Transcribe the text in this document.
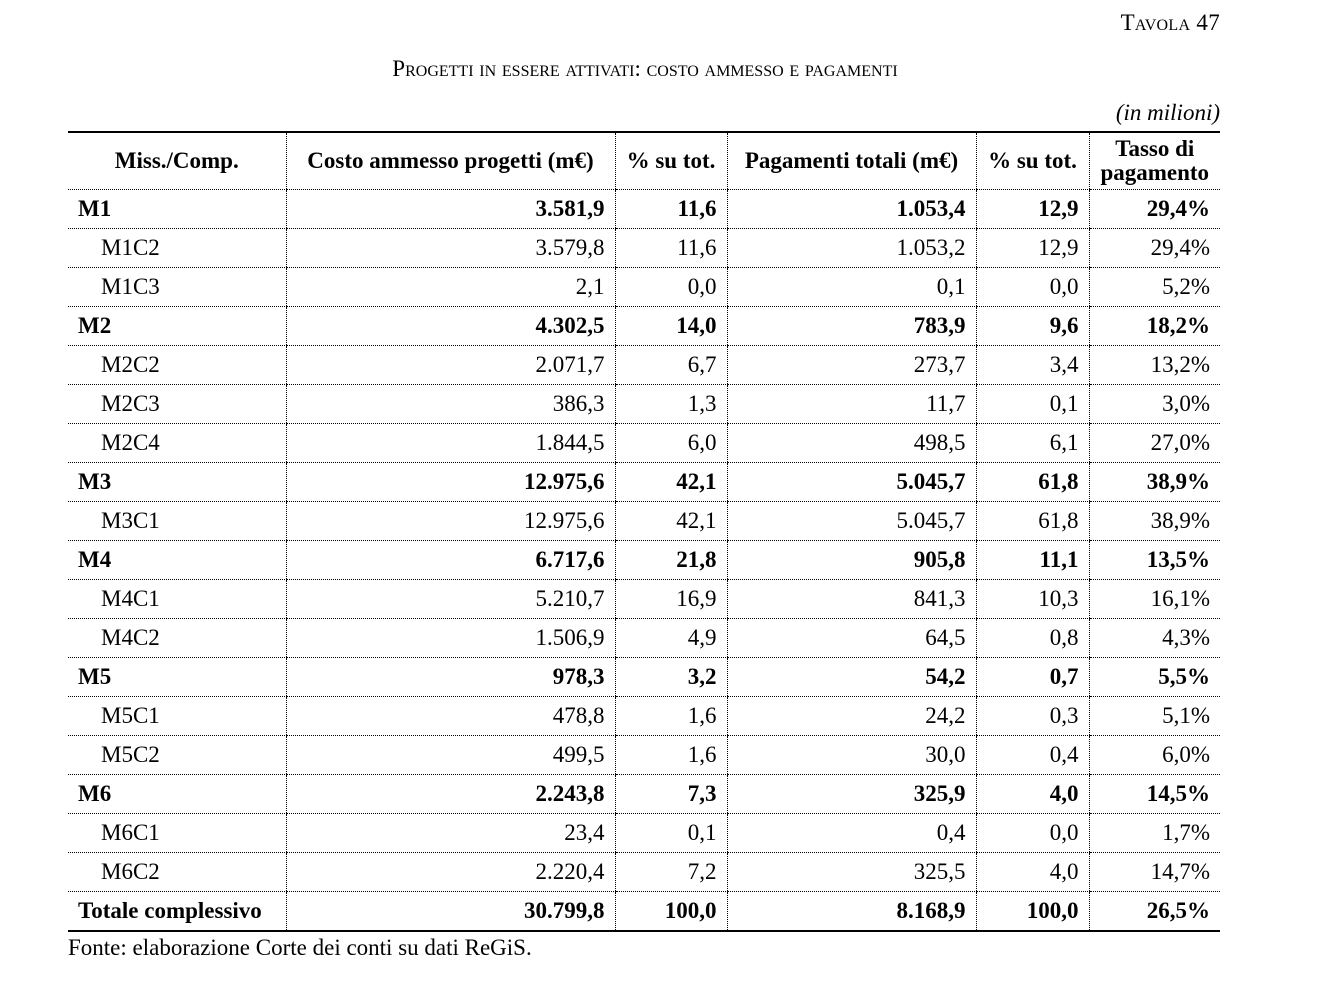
Tavola 47
Progetti in essere attivati: costo ammesso e pagamenti
(in milioni)
Miss./Comp.	Costo ammesso progetti (m€)	% su tot.	Pagamenti totali (m€)	% su tot.	Tasso di pagamento
M1	3.581,9	11,6	1.053,4	12,9	29,4%
M1C2	3.579,8	11,6	1.053,2	12,9	29,4%
M1C3	2,1	0,0	0,1	0,0	5,2%
M2	4.302,5	14,0	783,9	9,6	18,2%
M2C2	2.071,7	6,7	273,7	3,4	13,2%
M2C3	386,3	1,3	11,7	0,1	3,0%
M2C4	1.844,5	6,0	498,5	6,1	27,0%
M3	12.975,6	42,1	5.045,7	61,8	38,9%
M3C1	12.975,6	42,1	5.045,7	61,8	38,9%
M4	6.717,6	21,8	905,8	11,1	13,5%
M4C1	5.210,7	16,9	841,3	10,3	16,1%
M4C2	1.506,9	4,9	64,5	0,8	4,3%
M5	978,3	3,2	54,2	0,7	5,5%
M5C1	478,8	1,6	24,2	0,3	5,1%
M5C2	499,5	1,6	30,0	0,4	6,0%
M6	2.243,8	7,3	325,9	4,0	14,5%
M6C1	23,4	0,1	0,4	0,0	1,7%
M6C2	2.220,4	7,2	325,5	4,0	14,7%
Totale complessivo	30.799,8	100,0	8.168,9	100,0	26,5%
Fonte: elaborazione Corte dei conti su dati ReGiS.
